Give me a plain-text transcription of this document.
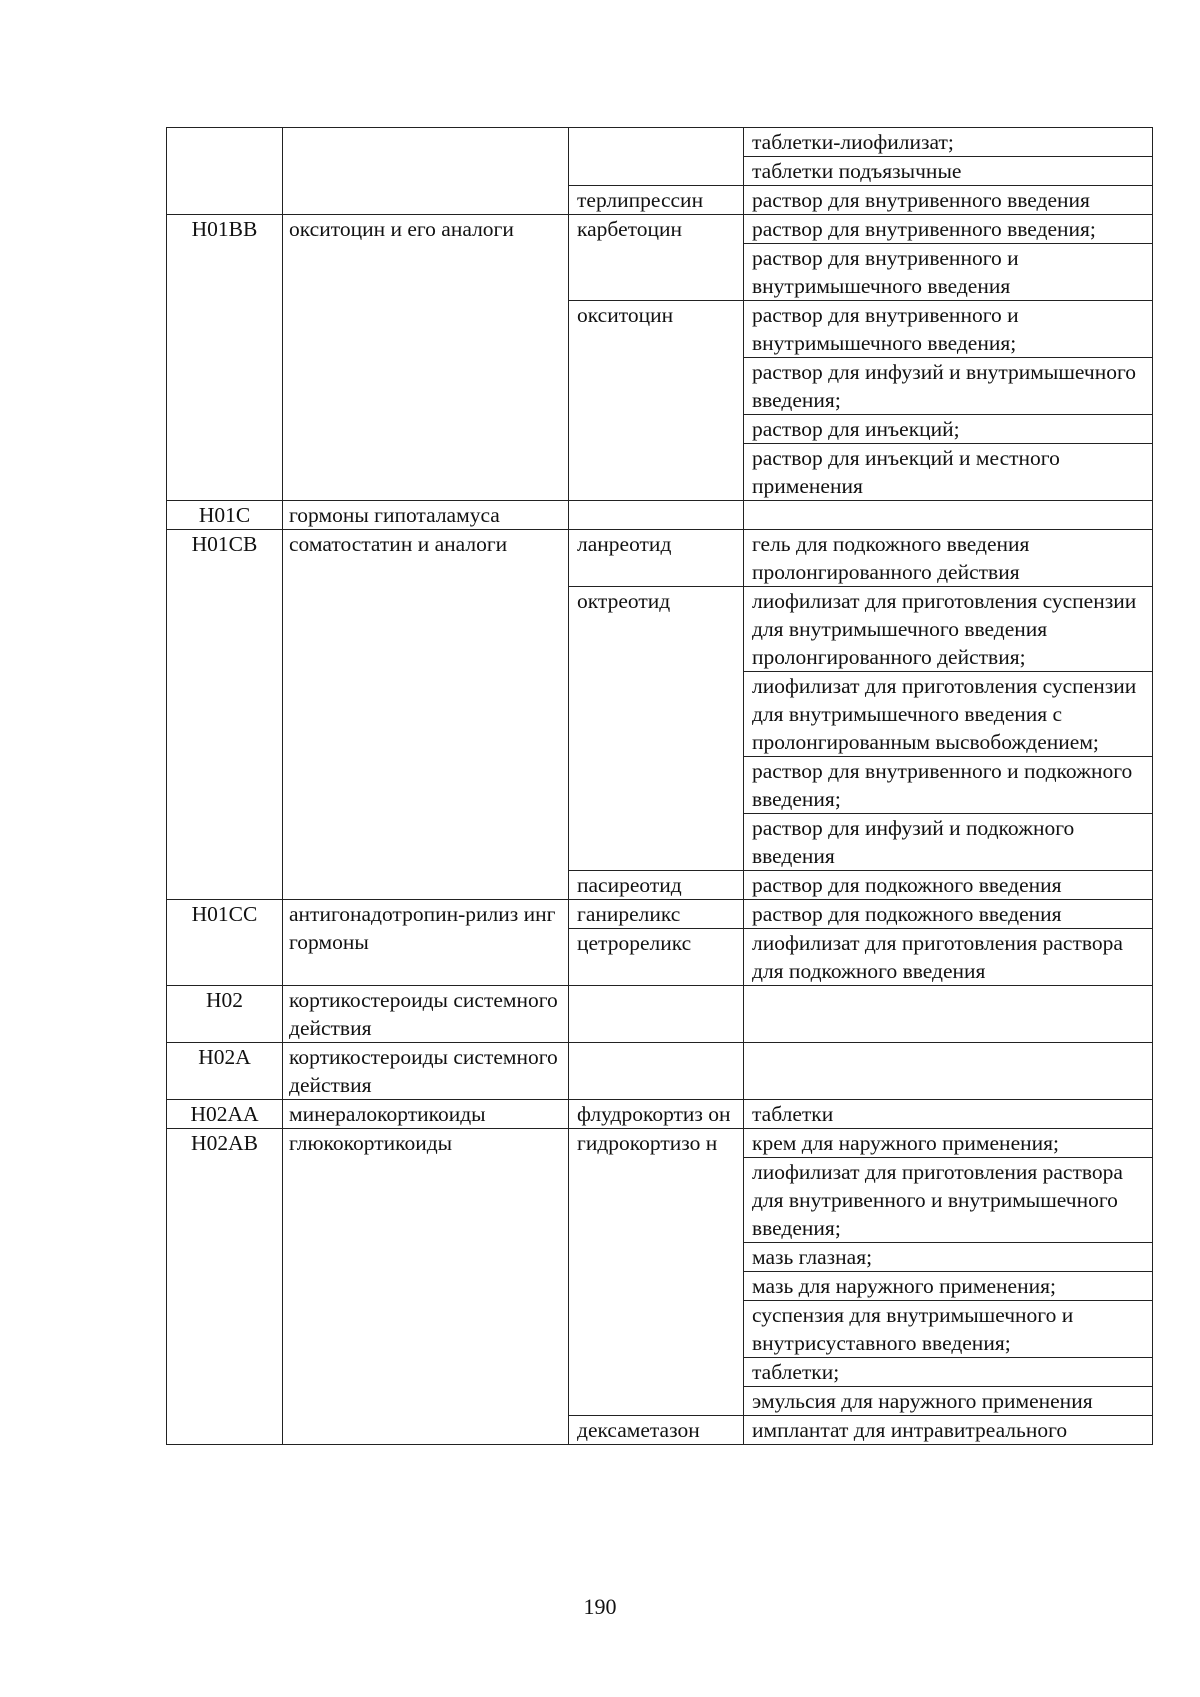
			таблетки-лиофилизат;
			таблетки подъязычные
		терлипрессин	раствор для внутривенного введения
H01BB	окситоцин и его аналоги	карбетоцин	раствор для внутривенного введения;
			раствор для внутривенного и внутримышечного введения
		окситоцин	раствор для внутривенного и внутримышечного введения;
			раствор для инфузий и внутримышечного введения;
			раствор для инъекций;
			раствор для инъекций и местного применения
H01C	гормоны гипоталамуса		
H01CB	соматостатин и аналоги	ланреотид	гель для подкожного введения пролонгированного действия
		октреотид	лиофилизат для приготовления суспензии для внутримышечного введения пролонгированного действия;
			лиофилизат для приготовления суспензии для внутримышечного введения с пролонгированным высвобождением;
			раствор для внутривенного и подкожного введения;
			раствор для инфузий и подкожного введения
		пасиреотид	раствор для подкожного введения
H01CC	антигонадотропин-рилиз инг гормоны	ганирeликс	раствор для подкожного введения
		цетрореликс	лиофилизат для приготовления раствора для подкожного введения
H02	кортикостероиды системного действия		
H02A	кортикостероиды системного действия		
H02AA	минералокортикоиды	флудрокортиз он	таблетки
H02AB	глюкокортикоиды	гидрокортизо н	крем для наружного применения;
			лиофилизат для приготовления раствора для внутривенного и внутримышечного введения;
			мазь глазная;
			мазь для наружного применения;
			суспензия для внутримышечного и внутрисуставного введения;
			таблетки;
			эмульсия для наружного применения
		дексаметазон	имплантат для интравитреального
190
